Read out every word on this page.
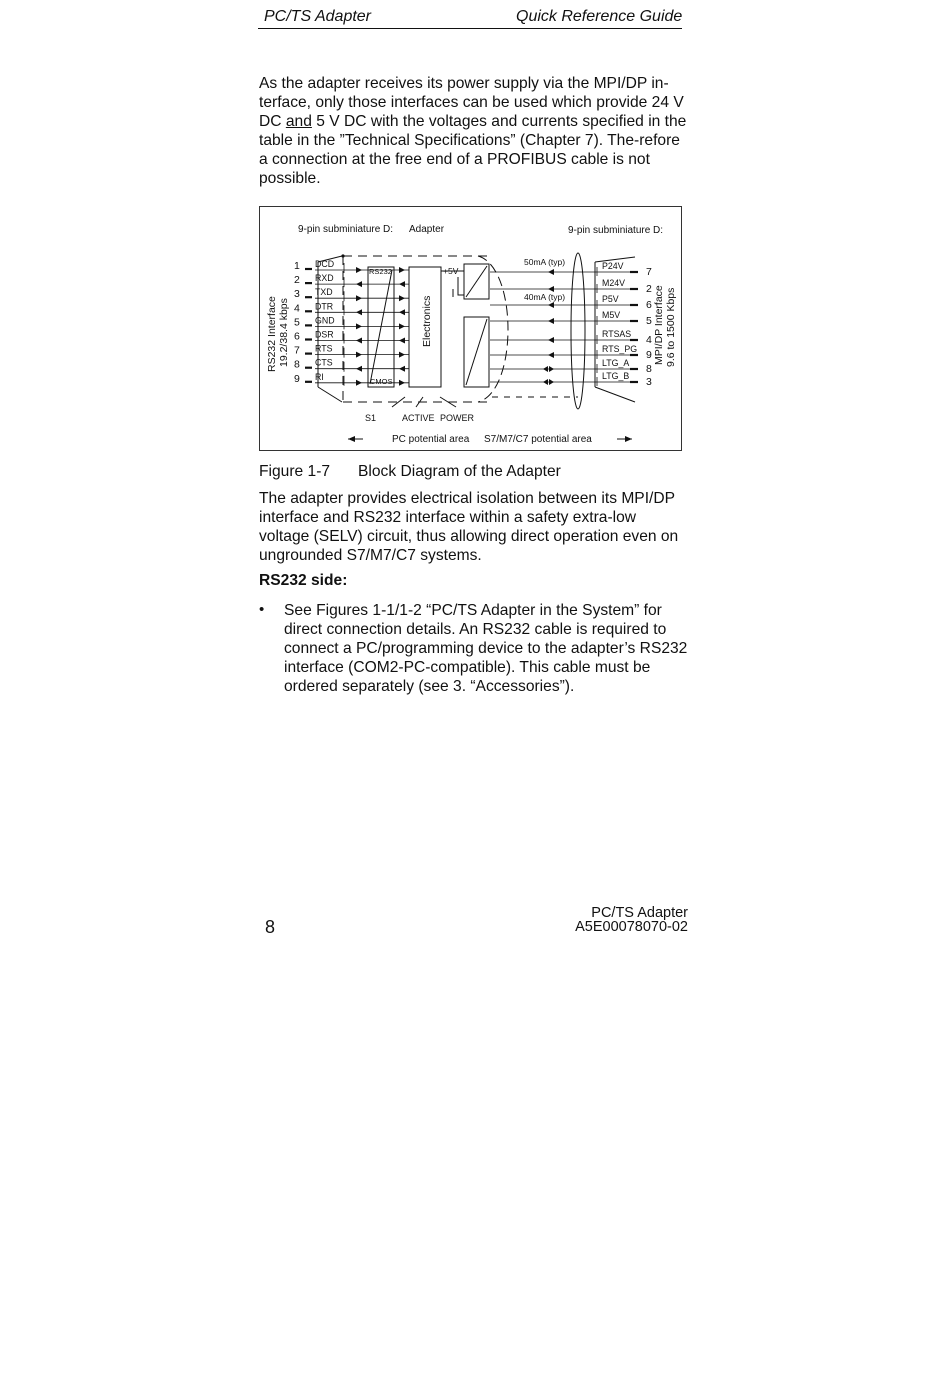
PC/TS Adapter	Quick Reference Guide

As the adapter receives its power supply via the MPI/DP in-terface, only those interfaces can be used which provide 24 V DC and 5 V DC with the voltages and currents specified in the table in the ”Technical Specifications” (Chapter 7). The-refore a connection at the free end of a PROFIBUS cable is not possible.

1 DCD
2 RXD
3 TXD
4 DTR
5 GND
6 DSR
7 RTS
8 CTS
9 RI
P24V 7
M24V 2
P5V	6
M5V 5
RTSAS 4
RTS_PG 9
LTG_A 8
LTG_B 3
9-pin subminiature D: Adapter	9-pin subminiature D:
RS232 Interface 19.2/38.4 kbps	MPI/DP Interface 9.6 to 1500 Kbps
RS232
CMOS
Electronics
+5V
50mA (typ)
40mA (typ)
S1	ACTIVE POWER
PC potential area S7/M7/C7 potential area
Figure 1-7 Block Diagram of the Adapter

The adapter provides electrical isolation between its MPI/DP interface and RS232 interface within a safety extra-low voltage (SELV) circuit, thus allowing direct operation even on ungrounded S7/M7/C7 systems.

RS232 side:
• See Figures 1-1/1-2 “PC/TS Adapter in the System” for direct connection details. An RS232 cable is required to connect a PC/programming device to the adapter’s RS232 interface (COM2-PC-compatible). This cable must be ordered separately (see 3. “Accessories”).

8
PC/TS Adapter
A5E00078070-02
